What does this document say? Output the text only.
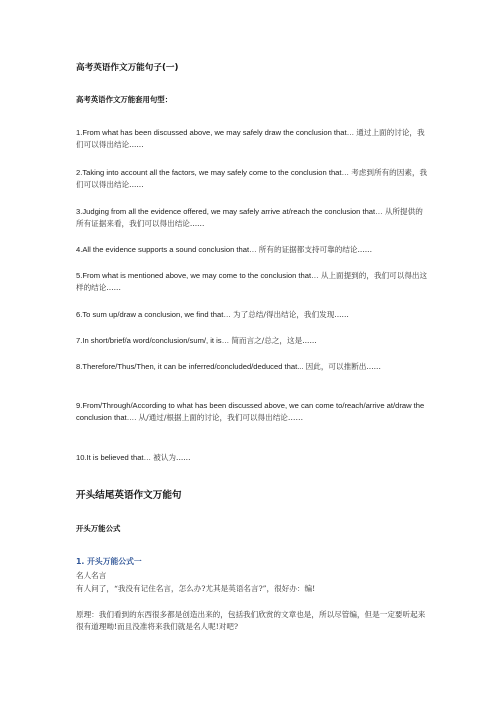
高考英语作文万能句子(一)

高考英语作文万能套用句型：

1.From what has been discussed above, we may safely draw the conclusion that… 通过上面的讨论，我们可以得出结论......

2.Taking into account all the factors, we may safely come to the conclusion that… 考虑到所有的因素，我们可以得出结论......

3.Judging from all the evidence offered, we may safely arrive at/reach the conclusion that… 从所提供的所有证据来看，我们可以得出结论......

4.All the evidence supports a sound conclusion that… 所有的证据都支持可靠的结论......

5.From what is mentioned above, we may come to the conclusion that… 从上面提到的，我们可以得出这样的结论......

6.To sum up/draw a conclusion, we find that… 为了总结/得出结论，我们发现......

7.In short/brief/a word/conclusion/sum/, it is… 简而言之/总之，这是......

8.Therefore/Thus/Then, it can be inferred/concluded/deduced that... 因此，可以推断出......

9.From/Through/According to what has been discussed above, we can come to/reach/arrive at/draw the conclusion that…. 从/通过/根据上面的讨论，我们可以得出结论……

10.It is believed that… 被认为......

开头结尾英语作文万能句

开头万能公式

1. 开头万能公式一

名人名言

有人问了，“我没有记住名言，怎么办?尤其是英语名言?”，很好办：编!

原理：我们看到的东西很多都是创造出来的，包括我们欣赏的文章也是，所以尽管编，但是一定要听起来很有道理呦!而且没准将来我们就是名人呢!对吧?
